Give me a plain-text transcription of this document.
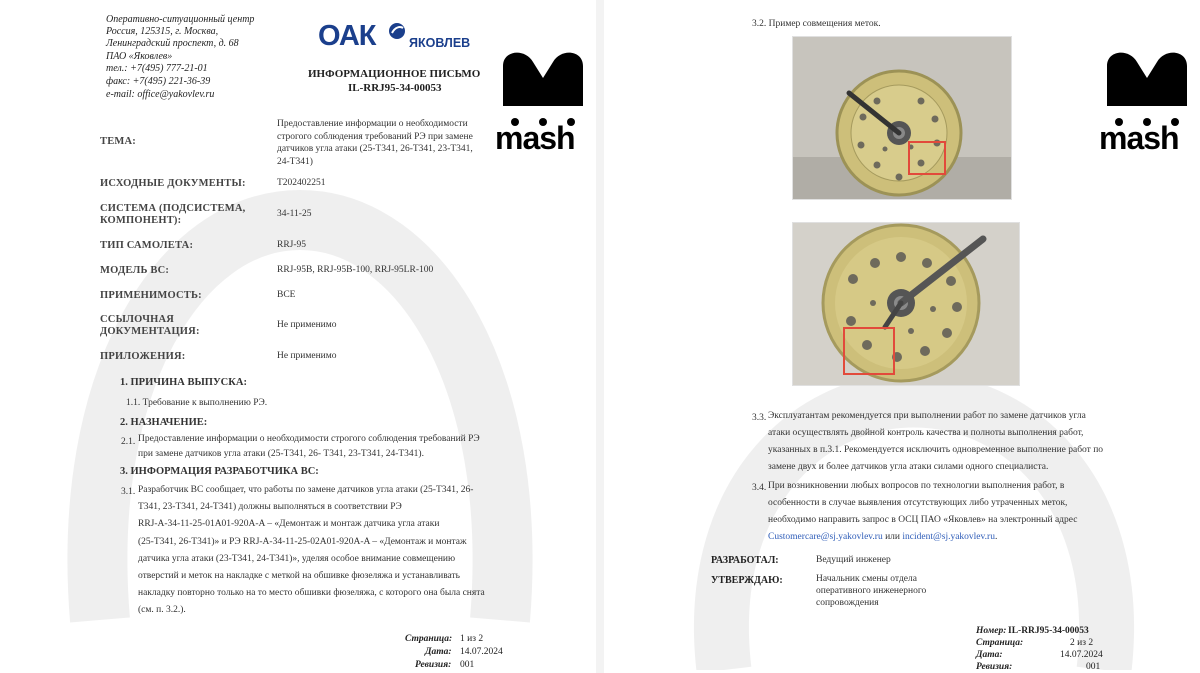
Оперативно-ситуационный центр
Россия, 125315, г. Москва,
Ленинградский проспект, д. 68
ПАО «Яковлев»
тел.: +7(495) 777-21-01
факс: +7(495) 221-36-39
e-mail: office@yakovlev.ru
ОАК	ЯКОВЛЕВ
ИНФОРМАЦИОННОЕ ПИСЬМО
IL-RRJ95-34-00053
mash
ТЕМА:
Предоставление информации о необходимости
строгого соблюдения требований РЭ при замене
датчиков угла атаки (25-Т341, 26-Т341, 23-Т341,
24-Т341)
ИСХОДНЫЕ ДОКУМЕНТЫ:	Т202402251
СИСТЕМА (ПОДСИСТЕМА,
КОМПОНЕНТ):
34-11-25
ТИП САМОЛЕТА:	RRJ-95
МОДЕЛЬ ВС:	RRJ-95B, RRJ-95B-100, RRJ-95LR-100
ПРИМЕНИМОСТЬ:	ВСЕ
ССЫЛОЧНАЯ
ДОКУМЕНТАЦИЯ:
Не применимо
ПРИЛОЖЕНИЯ:	Не применимо
1. ПРИЧИНА ВЫПУСКА:
1.1. Требование к выполнению РЭ.
2. НАЗНАЧЕНИЕ:
2.1. Предоставление информации о необходимости строгого соблюдения требований РЭ
при замене датчиков угла атаки (25-Т341, 26- Т341, 23-Т341, 24-Т341).
3. ИНФОРМАЦИЯ РАЗРАБОТЧИКА ВС:
3.1. Разработчик ВС сообщает, что работы по замене датчиков угла атаки (25-Т341, 26-
Т341, 23-Т341, 24-Т341) должны выполняться в соответствии РЭ
RRJ-A-34-11-25-01A01-920A-A – «Демонтаж и монтаж датчика угла атаки
(25-Т341, 26-Т341)» и РЭ RRJ-A-34-11-25-02A01-920A-A – «Демонтаж и монтаж
датчика угла атаки (23-Т341, 24-Т341)», уделяя особое внимание совмещению
отверстий и меток на накладке с меткой на обшивке фюзеляжа и устанавливать
накладку повторно только на то место обшивки фюзеляжа, с которого она была снята
(см. п. 3.2.).
Страница: 1 из 2
Дата: 14.07.2024
Ревизия: 001
3.2. Пример совмещения меток.
mash
3.3. Эксплуатантам рекомендуется при выполнении работ по замене датчиков угла
атаки осуществлять двойной контроль качества и полноты выполнения работ,
указанных в п.3.1. Рекомендуется исключить одновременное выполнение работ по
замене двух и более датчиков угла атаки силами одного специалиста.
3.4. При возникновении любых вопросов по технологии выполнения работ, в
особенности в случае выявления отсутствующих либо утраченных меток,
необходимо направить запрос в ОСЦ ПАО «Яковлев» на электронный адрес
Customercare@sj.yakovlev.ru или incident@sj.yakovlev.ru.
РАЗРАБОТАЛ:	Ведущий инженер
УТВЕРЖДАЮ:	Начальник смены отдела
оперативного инженерного
сопровождения
Номер: IL-RRJ95-34-00053
Страница:	2 из 2
Дата:	14.07.2024
Ревизия:	001
